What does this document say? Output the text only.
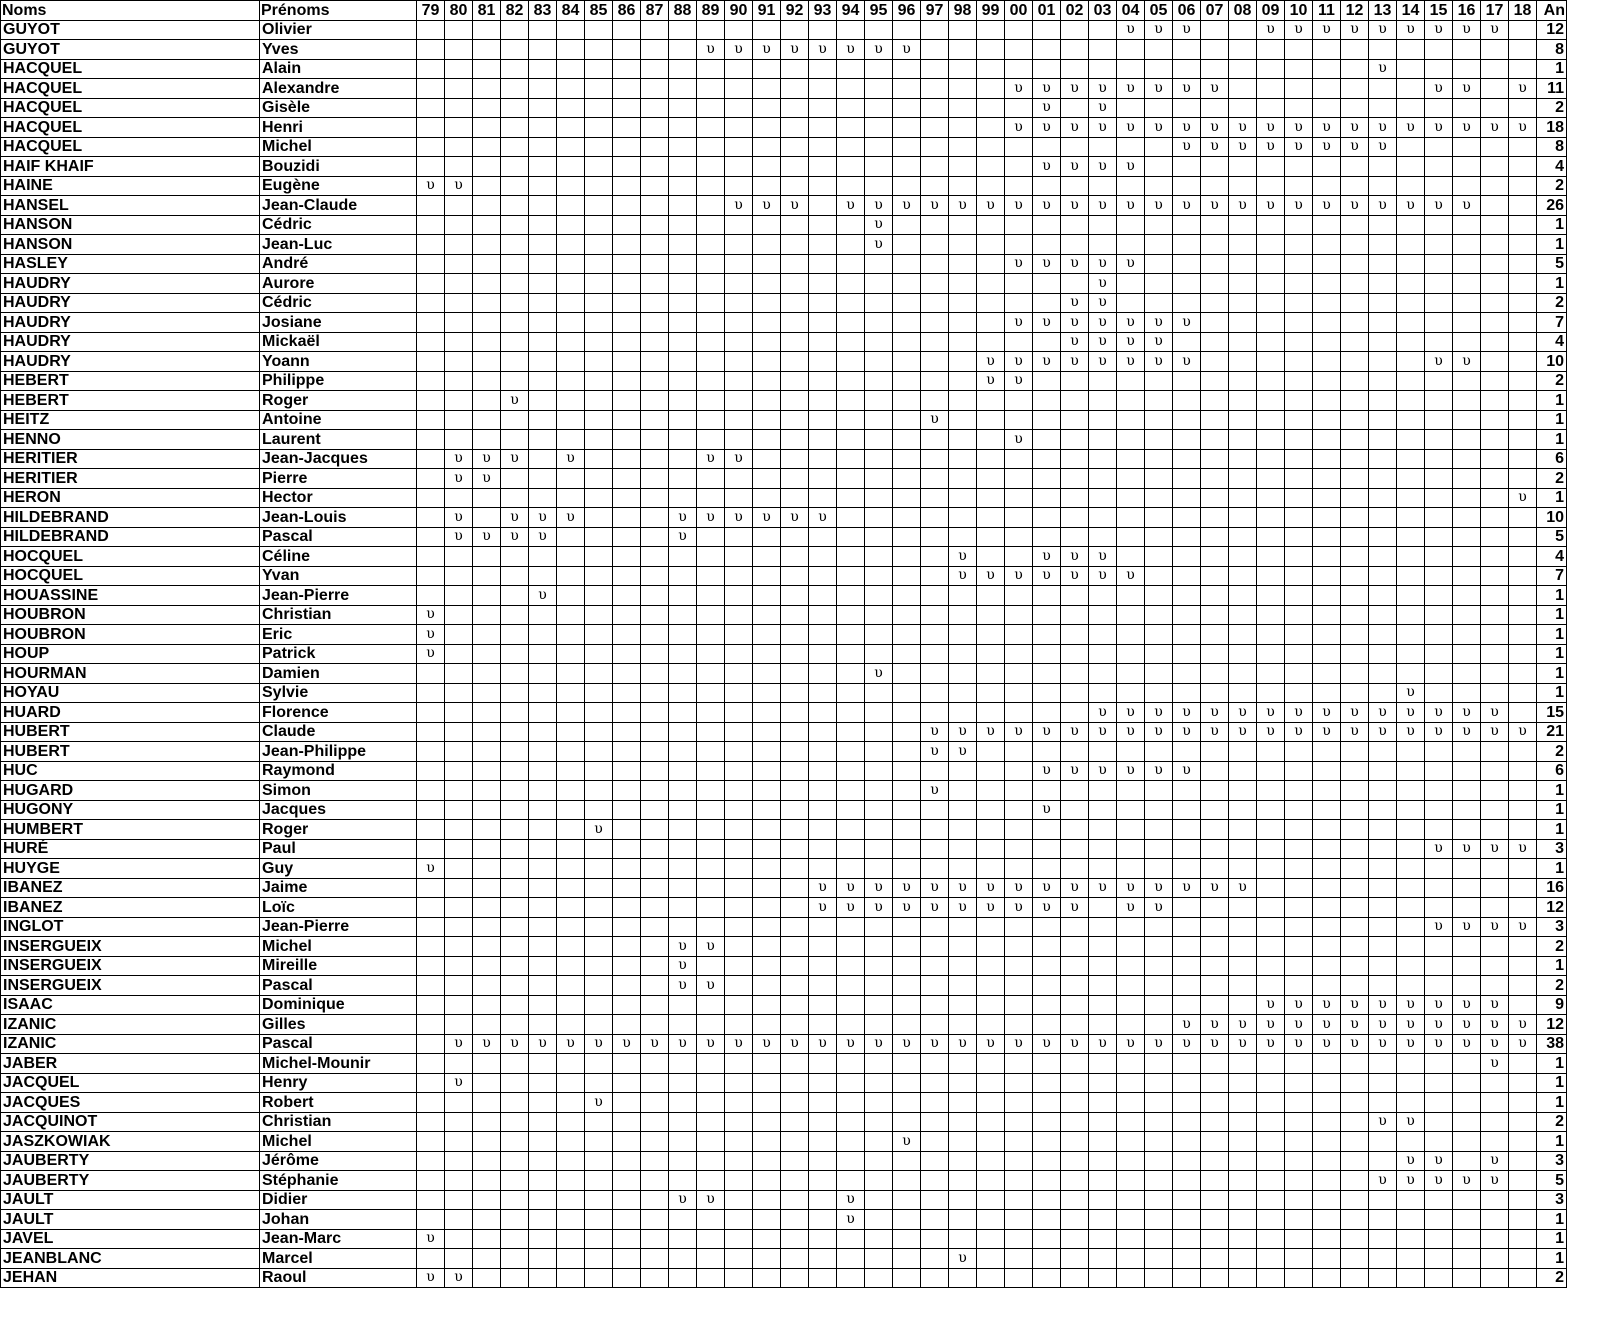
Noms	Prénoms	79	80	81	82	83	84	85	86	87	88	89	90	91	92	93	94	95	96	97	98	99	00	01	02	03	04	05	06	07	08	09	10	11	12	13	14	15	16	17	18	An
GUYOT	Olivier																										υ	υ	υ			υ	υ	υ	υ	υ	υ	υ	υ	υ		12
GUYOT	Yves											υ	υ	υ	υ	υ	υ	υ	υ																							8
HACQUEL	Alain																																			υ						1
HACQUEL	Alexandre																						υ	υ	υ	υ	υ	υ	υ	υ								υ	υ		υ	11
HACQUEL	Gisèle																							υ		υ																2
HACQUEL	Henri																						υ	υ	υ	υ	υ	υ	υ	υ	υ	υ	υ	υ	υ	υ	υ	υ	υ	υ	υ	18
HACQUEL	Michel																												υ	υ	υ	υ	υ	υ	υ	υ						8
HAIF KHAIF	Bouzidi																							υ	υ	υ	υ															4
HAINE	Eugène	υ	υ																																							2
HANSEL	Jean-Claude												υ	υ	υ		υ	υ	υ	υ	υ	υ	υ	υ	υ	υ	υ	υ	υ	υ	υ	υ	υ	υ	υ	υ	υ	υ	υ			26
HANSON	Cédric																	υ																								1
HANSON	Jean-Luc																	υ																								1
HASLEY	André																						υ	υ	υ	υ	υ															5
HAUDRY	Aurore																									υ																1
HAUDRY	Cédric																								υ	υ																2
HAUDRY	Josiane																						υ	υ	υ	υ	υ	υ	υ													7
HAUDRY	Mickaël																								υ	υ	υ	υ														4
HAUDRY	Yoann																					υ	υ	υ	υ	υ	υ	υ	υ									υ	υ			10
HEBERT	Philippe																					υ	υ																			2
HEBERT	Roger				υ																																					1
HEITZ	Antoine																			υ																						1
HENNO	Laurent																						υ																			1
HERITIER	Jean-Jacques		υ	υ	υ		υ					υ	υ																													6
HERITIER	Pierre		υ	υ																																						2
HERON	Hector																																								υ	1
HILDEBRAND	Jean-Louis		υ		υ	υ	υ				υ	υ	υ	υ	υ	υ																										10
HILDEBRAND	Pascal		υ	υ	υ	υ					υ																															5
HOCQUEL	Céline																				υ			υ	υ	υ																4
HOCQUEL	Yvan																				υ	υ	υ	υ	υ	υ	υ															7
HOUASSINE	Jean-Pierre					υ																																				1
HOUBRON	Christian	υ																																								1
HOUBRON	Eric	υ																																								1
HOUP	Patrick	υ																																								1
HOURMAN	Damien																	υ																								1
HOYAU	Sylvie																																				υ					1
HUARD	Florence																									υ	υ	υ	υ	υ	υ	υ	υ	υ	υ	υ	υ	υ	υ	υ		15
HUBERT	Claude																			υ	υ	υ	υ	υ	υ	υ	υ	υ	υ	υ	υ	υ	υ	υ	υ	υ	υ	υ	υ	υ	υ	21
HUBERT	Jean-Philippe																			υ	υ																					2
HUC	Raymond																							υ	υ	υ	υ	υ	υ													6
HUGARD	Simon																			υ																						1
HUGONY	Jacques																							υ																		1
HUMBERT	Roger							υ																																		1
HURÉ	Paul																																					υ	υ	υ	υ	3
HUYGE	Guy	υ																																								1
IBANEZ	Jaime															υ	υ	υ	υ	υ	υ	υ	υ	υ	υ	υ	υ	υ	υ	υ	υ											16
IBANEZ	Loïc															υ	υ	υ	υ	υ	υ	υ	υ	υ	υ		υ	υ														12
INGLOT	Jean-Pierre																																					υ	υ	υ	υ	3
INSERGUEIX	Michel										υ	υ																														2
INSERGUEIX	Mireille										υ																															1
INSERGUEIX	Pascal										υ	υ																														2
ISAAC	Dominique																															υ	υ	υ	υ	υ	υ	υ	υ	υ		9
IZANIC	Gilles																												υ	υ	υ	υ	υ	υ	υ	υ	υ	υ	υ	υ	υ	12
IZANIC	Pascal		υ	υ	υ	υ	υ	υ	υ	υ	υ	υ	υ	υ	υ	υ	υ	υ	υ	υ	υ	υ	υ	υ	υ	υ	υ	υ	υ	υ	υ	υ	υ	υ	υ	υ	υ	υ	υ	υ	υ	38
JABER	Michel-Mounir																																							υ		1
JACQUEL	Henry		υ																																							1
JACQUES	Robert							υ																																		1
JACQUINOT	Christian																																			υ	υ					2
JASZKOWIAK	Michel																		υ																							1
JAUBERTY	Jérôme																																				υ	υ		υ		3
JAUBERTY	Stéphanie																																			υ	υ	υ	υ	υ		5
JAULT	Didier										υ	υ					υ																									3
JAULT	Johan																υ																									1
JAVEL	Jean-Marc	υ																																								1
JEANBLANC	Marcel																				υ																					1
JEHAN	Raoul	υ	υ																																							2
